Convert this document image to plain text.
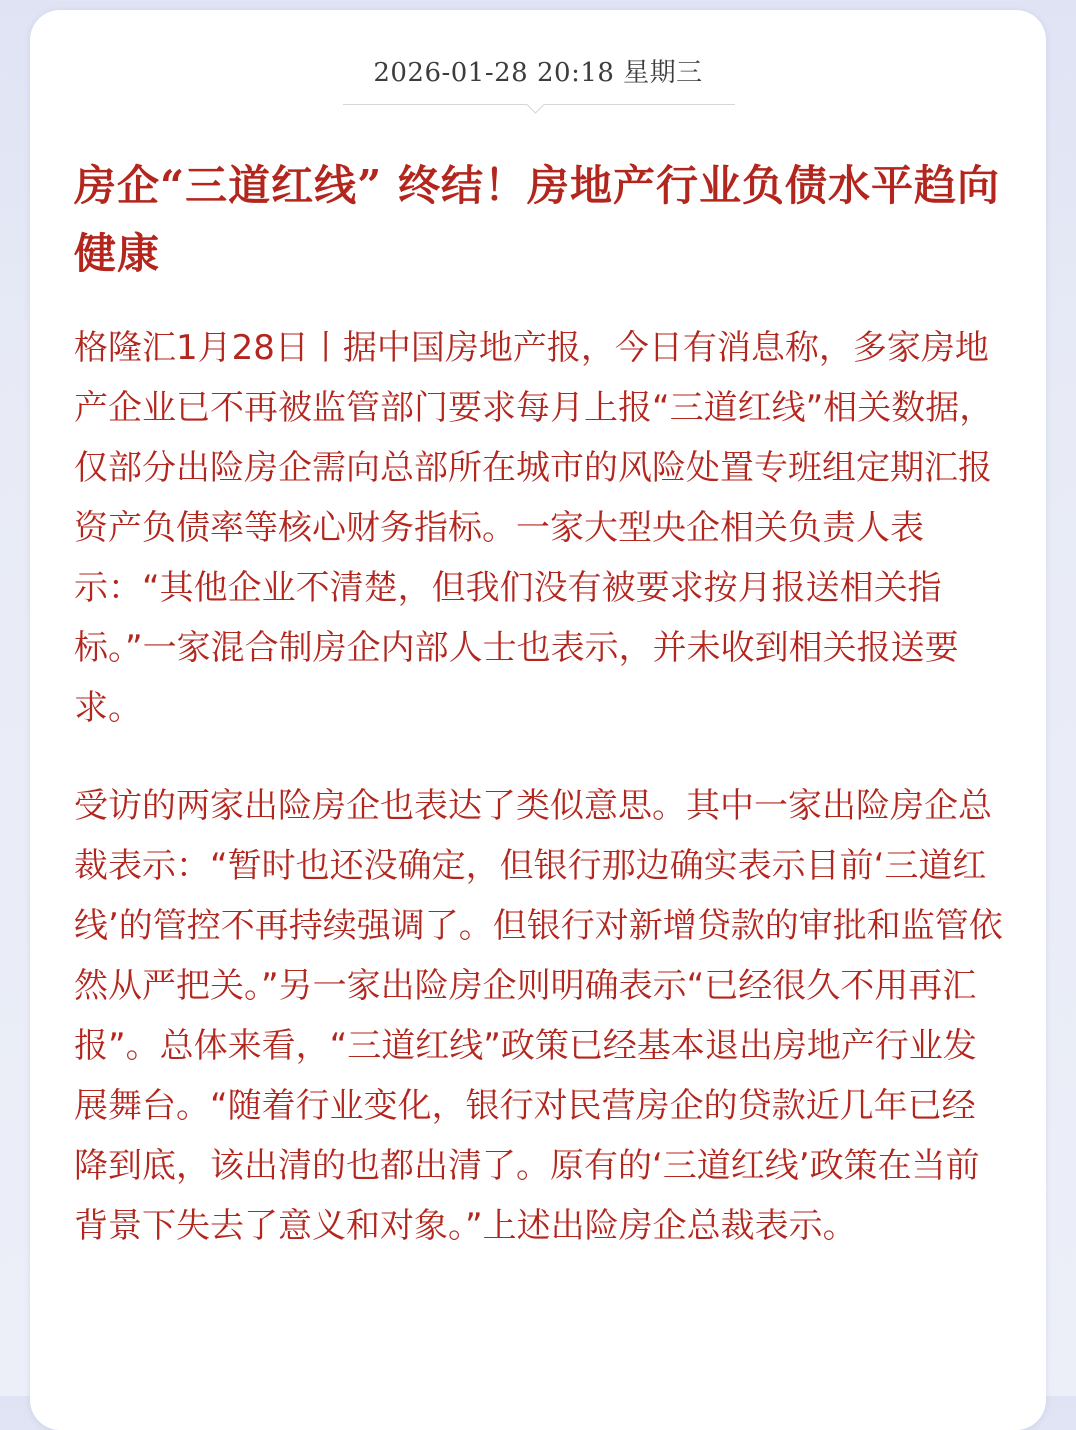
2026-01-28 20:18 星期三
房企“三道红线” 终结！房地产行业负债水平趋向健康

格隆汇1月28日丨据中国房地产报，今日有消息称，多家房地产企业已不再被监管部门要求每月上报“三道红线”相关数据，仅部分出险房企需向总部所在城市的风险处置专班组定期汇报资产负债率等核心财务指标。一家大型央企相关负责人表示：“其他企业不清楚，但我们没有被要求按月报送相关指标。”一家混合制房企内部人士也表示，并未收到相关报送要求。

受访的两家出险房企也表达了类似意思。其中一家出险房企总裁表示：“暂时也还没确定，但银行那边确实表示目前‘三道红线’的管控不再持续强调了。但银行对新增贷款的审批和监管依然从严把关。”另一家出险房企则明确表示“已经很久不用再汇报”。总体来看，“三道红线”政策已经基本退出房地产行业发展舞台。“随着行业变化，银行对民营房企的贷款近几年已经降到底，该出清的也都出清了。原有的‘三道红线’政策在当前背景下失去了意义和对象。”上述出险房企总裁表示。
